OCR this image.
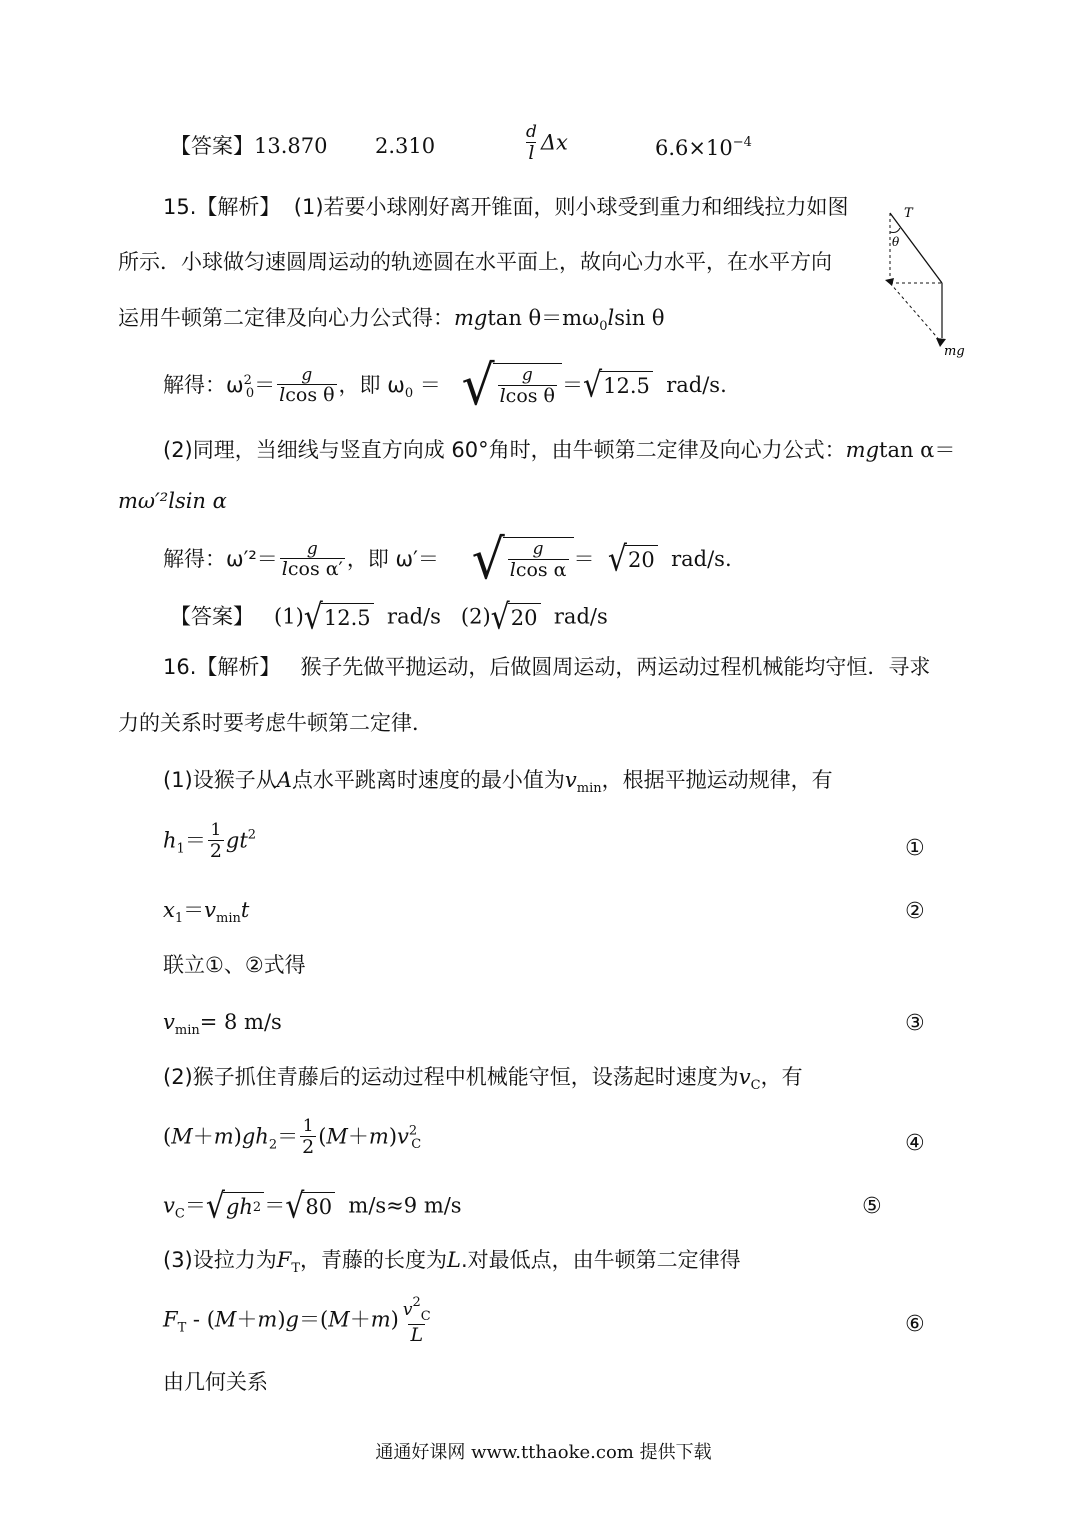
【答案】13.870 2.310	$\frac{d}{l}$ Δx	$6.6\times 10^{-4}$
15.【解析】 (1)若要小球刚好离开锥面，则小球受到重力和细线拉力如图
所示．小球做匀速圆周运动的轨迹圆在水平面上，故向心力水平，在水平方向
运用牛顿第二定律及向心力公式得：mgtan $\theta=m\omega_0lsin$ θ
T
θ
mg
解得：$\omega^2_0= \frac{g}{\text{lcos θ}}$ ，即 $\omega_0$ ＝ √ $\frac{g}{\text{lcos θ}}$ ＝ √ 12.5 rad/s.
(2)同理，当细线与竖直方向成 60°角时，由牛顿第二定律及向心力公式：mgtan α＝
mω′²lsin α
解得：$\omega'^2= \frac{g}{\text{lcos α′}}$ ，即 ω′＝ √ $\frac{g}{\text{lcos α}}$ ＝ √ 20 rad/s.
【答案】 (1) √ 12.5 rad/s (2) √ 20 rad/s
16.【解析】 猴子先做平抛运动，后做圆周运动，两运动过程机械能均守恒．寻求
力的关系时要考虑牛顿第二定律．
(1)设猴子从A点水平跳离时速度的最小值为$v_{min}$，根据平抛运动规律，有
$h_1= \frac{1}{2} gt^2$
①
$x_1=v_{min}t$	②
联立①、②式得
$v_{min}= 8$ m/s	③
(2)猴子抓住青藤后的运动过程中机械能守恒，设荡起时速度为$v_C$，有
$(M+m)gh_2= \frac{1}{2} (M+m)v^2_C$	④
$v_C=$ √ gh 2 ＝ √ 80 m/s≈9 m/s	⑤
(3)设拉力为$F_T$，青藤的长度为L.对最低点，由牛顿第二定律得
$F_T - (M+m)g=(M+m) \frac{v^2_C}{L}$	⑥
由几何关系
通通好课网 www.tthaoke.com 提供下载
